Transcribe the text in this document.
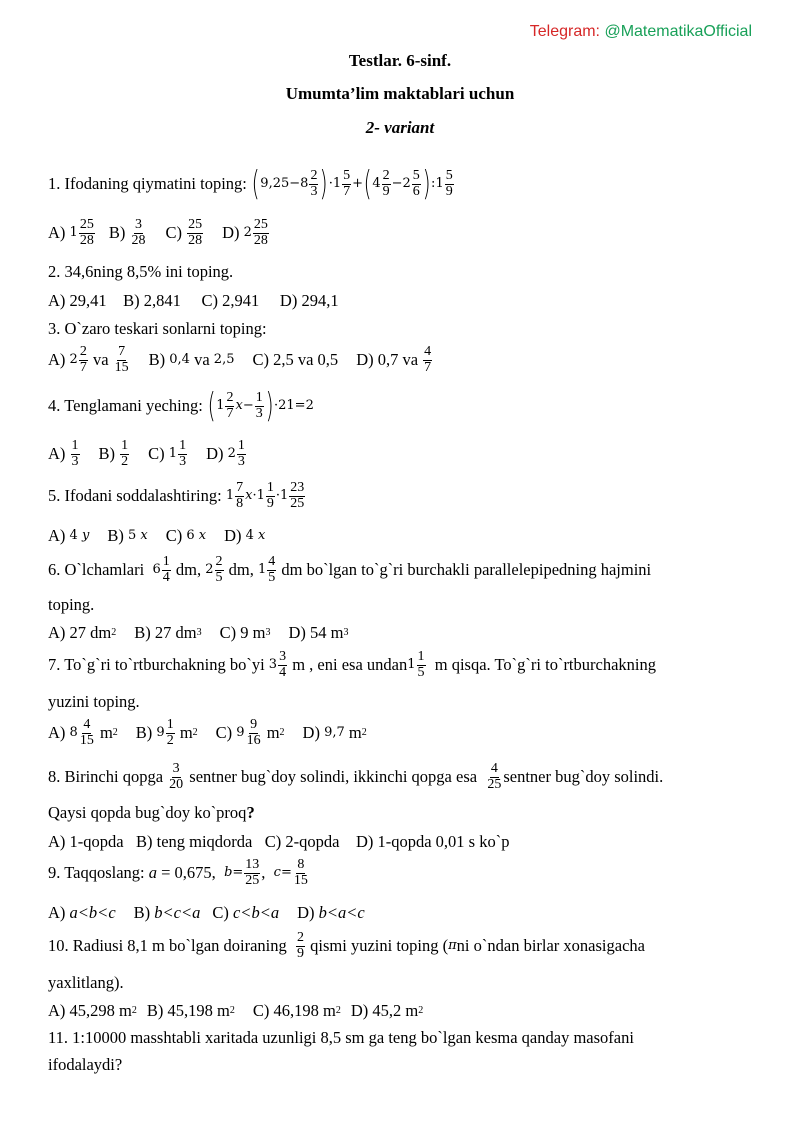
Telegram: @MatematikaOfficial
Testlar. 6-sinf.
Umumta’lim maktablari uchun
2- variant
1. Ifodaning qiymatini toping:
( 9 , $25 - 8 \frac{2}{3}$ ) · $1 \frac{5}{7}$ + ( $4 \frac{2}{9} - 2 \frac{5}{6}$ ) : $1 \frac{5}{9}$
A)
$1 \frac{25}{28} B$)
$\frac{3}{28} C$)
$\frac{25}{28} D$)
$2 \frac{25}{28}$
2. 34,6ning 8,5% ini toping.
A) 29,41    B) 2,841     C) 2,941     D) 294,1
3. O`zaro teskari sonlarni toping:
A)
$2 \frac{2}{7}$
va
$\frac{7}{15} B$)
0,4
va
2,5 C) 2,5 va 0,5 D) 0,7 va
$\frac{4}{7}$
4. Tenglamani yeching:
( $1 \frac{2}{7}$ $x - \frac{1}{3}$ ) · 21 = 2
A)
$\frac{1}{3} B$)
$\frac{1}{2} C$)
$1 \frac{1}{3} D$)
$2 \frac{1}{3}$
5. Ifodani soddalashtiring:
$1 \frac{7}{8}$ $x \cdot 1 \frac{1}{9} \cdot 1 \frac{23}{25}$
A)
4
y B)
5
x C)
6
x D)
4
x
6. O`lchamlari
$6 \frac{1}{4}$
dm,
$2 \frac{2}{5}$
dm,
$1 \frac{4}{5}$
dm bo`lgan to`g`ri burchakli parallelepipedning hajmini
toping.
A) 27 dm 2 B) 27 dm 3 C) 9 m 3 D) 54 m 3
7. To`g`ri to`rtburchakning bo`yi
$3 \frac{3}{4}$
m , eni esa undan $1 \frac{1}{5}$
m qisqa. To`g`ri to`rtburchakning
yuzini toping.
A)
$8 \frac{4}{15}$
m 2 B)
$9 \frac{1}{2}$
m 2 C)
$9 \frac{9}{16}$
m 2 D)
9,7
m 2
8. Birinchi qopga
$\frac{3}{20}$
sentner bug`doy solindi, ikkinchi qopga esa
$\frac{4}{25}$ sentner bug`doy solindi.
Qaysi qopda bug`doy ko`proq ?
A) 1-qopda   B) teng miqdorda   C) 2-qopda    D) 1-qopda 0,01 s ko`p
9. Taqqoslang:
a
= 0,675,
$b = \frac{13}{25}$ , $c = \frac{8}{15}$
A)
a<b<c B)
b<c<a C)
c<b<a D)
b<a<c
10. Radiusi 8,1 m bo`lgan doiraning
$\frac{2}{9}$
qismi yuzini toping ( π ni o`ndan birlar xonasigacha
yaxlitlang).
A) 45,298 m 2 B) 45,198 m 2 C) 46,198 m 2 D) 45,2 m 2
11. 1:10000 masshtabli xaritada uzunligi 8,5 sm ga teng bo`lgan kesma qanday masofani
ifodalaydi?
